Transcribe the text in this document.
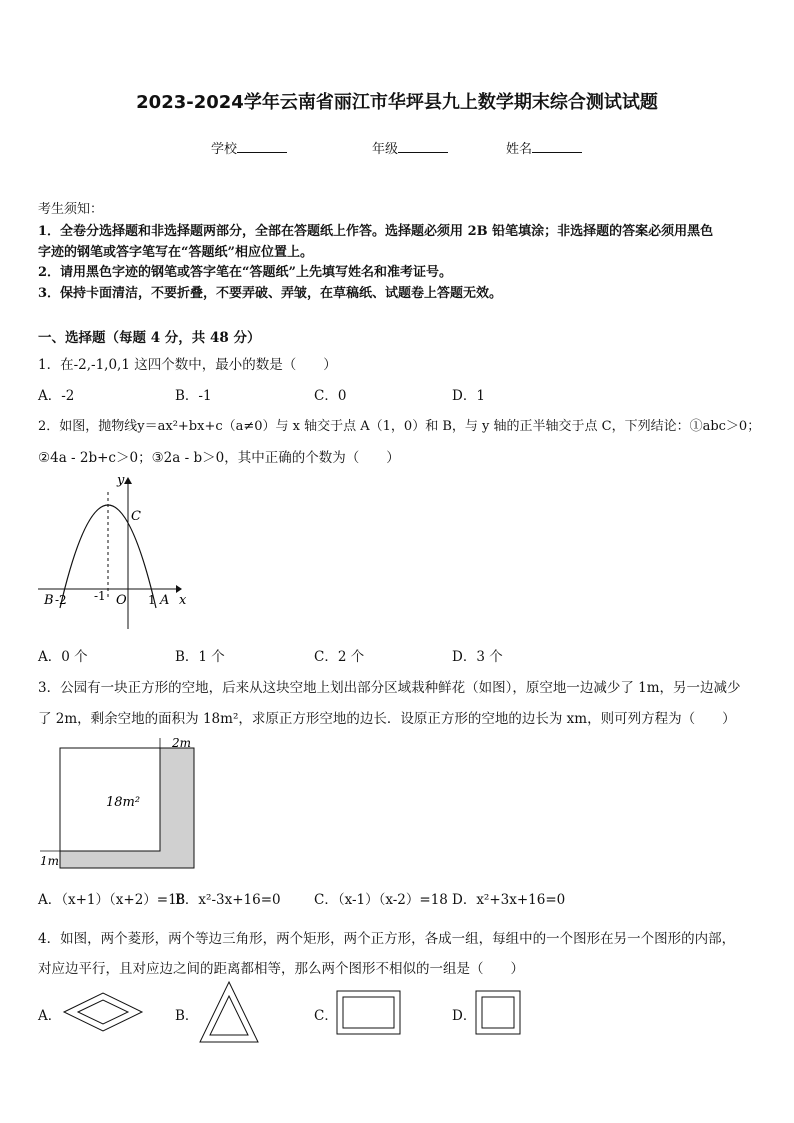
2023-2024学年云南省丽江市华坪县九上数学期末综合测试试题
学校	年级	姓名
考生须知：
1．全卷分选择题和非选择题两部分，全部在答题纸上作答。选择题必须用 2B 铅笔填涂；非选择题的答案必须用黑色
字迹的钢笔或答字笔写在“答题纸”相应位置上。
2．请用黑色字迹的钢笔或答字笔在“答题纸”上先填写姓名和准考证号。
3．保持卡面清洁，不要折叠，不要弄破、弄皱，在草稿纸、试题卷上答题无效。
一、选择题（每题 4 分，共 48 分）
1．在-2,-1,0,1 这四个数中，最小的数是（　　）
A．-2	B．-1	C．0	D．1
2．如图，抛物线y＝ax²+bx+c（a≠0）与 x 轴交于点 A（1，0）和 B，与 y 轴的正半轴交于点 C，下列结论：①abc＞0；
②4a - 2b+c＞0；③2a - b＞0，其中正确的个数为（　　）
y
x
C
O
B	A
-2 -1	1
A．0 个	B．1 个	C．2 个	D．3 个
3．公园有一块正方形的空地，后来从这块空地上划出部分区域栽种鲜花（如图），原空地一边减少了 1m，另一边减少
了 2m，剩余空地的面积为 18m²，求原正方形空地的边长．设原正方形的空地的边长为 xm，则可列方程为（　　）
2m
18m²
1m
A．（x+1）（x+2）=18
B．x²-3x+16=0 C．（x-1）（x-2）=18 D．x²+3x+16=0
4．如图，两个菱形，两个等边三角形，两个矩形，两个正方形，各成一组，每组中的一个图形在另一个图形的内部，
对应边平行，且对应边之间的距离都相等，那么两个图形不相似的一组是（　　）
A．	B．	C．	D．
